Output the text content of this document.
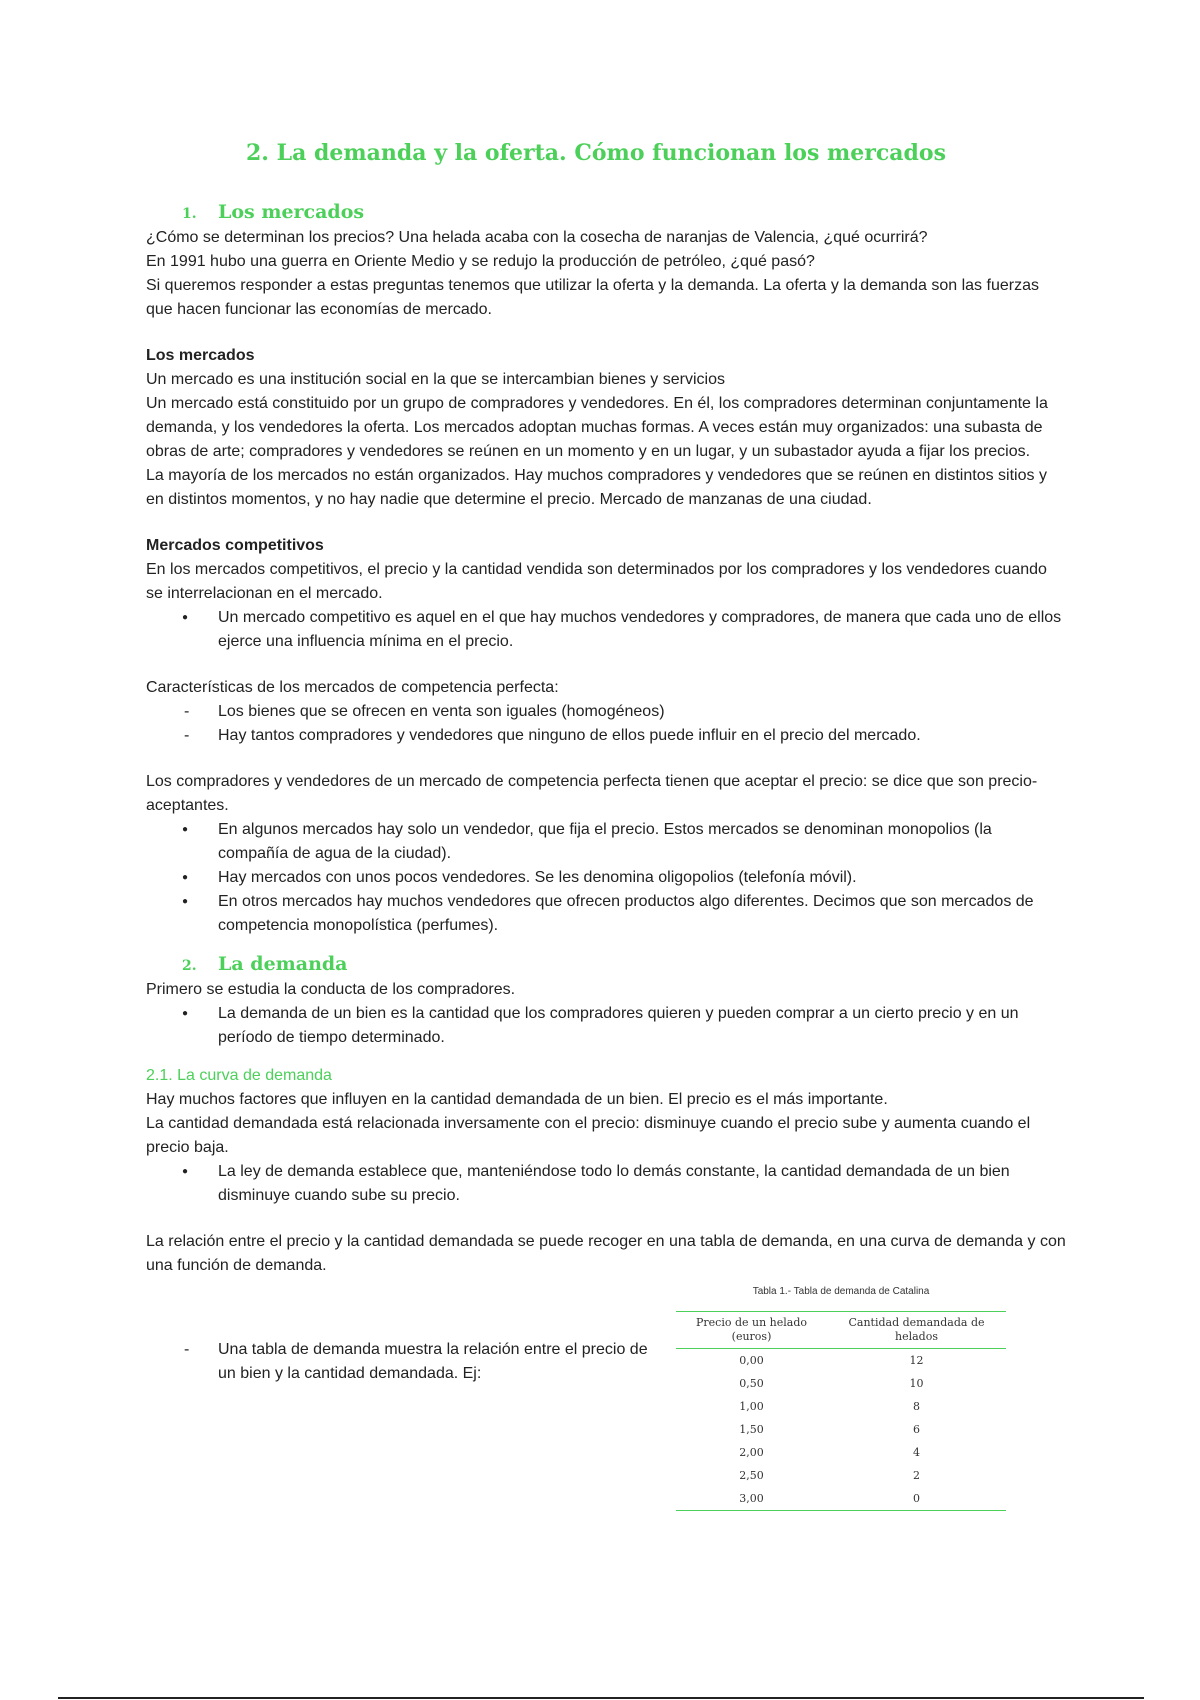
2. La demanda y la oferta. Cómo funcionan los mercados
1. Los mercados

¿Cómo se determinan los precios? Una helada acaba con la cosecha de naranjas de Valencia, ¿qué ocurrirá?

En 1991 hubo una guerra en Oriente Medio y se redujo la producción de petróleo, ¿qué pasó?

Si queremos responder a estas preguntas tenemos que utilizar la oferta y la demanda. La oferta y la demanda son las fuerzas que hacen funcionar las economías de mercado.

Los mercados

Un mercado es una institución social en la que se intercambian bienes y servicios

Un mercado está constituido por un grupo de compradores y vendedores. En él, los compradores determinan conjuntamente la demanda, y los vendedores la oferta. Los mercados adoptan muchas formas. A veces están muy organizados: una subasta de obras de arte; compradores y vendedores se reúnen en un momento y en un lugar, y un subastador ayuda a fijar los precios.

La mayoría de los mercados no están organizados. Hay muchos compradores y vendedores que se reúnen en distintos sitios y en distintos momentos, y no hay nadie que determine el precio. Mercado de manzanas de una ciudad.

Mercados competitivos

En los mercados competitivos, el precio y la cantidad vendida son determinados por los compradores y los vendedores cuando se interrelacionan en el mercado.

● Un mercado competitivo es aquel en el que hay muchos vendedores y compradores, de manera que cada uno de ellos ejerce una influencia mínima en el precio.

Características de los mercados de competencia perfecta:

- Los bienes que se ofrecen en venta son iguales (homogéneos)
- Hay tantos compradores y vendedores que ninguno de ellos puede influir en el precio del mercado.

Los compradores y vendedores de un mercado de competencia perfecta tienen que aceptar el precio: se dice que son precio-aceptantes.

● En algunos mercados hay solo un vendedor, que fija el precio. Estos mercados se denominan monopolios (la compañía de agua de la ciudad).
● Hay mercados con unos pocos vendedores. Se les denomina oligopolios (telefonía móvil).
● En otros mercados hay muchos vendedores que ofrecen productos algo diferentes. Decimos que son mercados de competencia monopolística (perfumes).
2. La demanda

Primero se estudia la conducta de los compradores.

● La demanda de un bien es la cantidad que los compradores quieren y pueden comprar a un cierto precio y en un período de tiempo determinado.

2.1. La curva de demanda

Hay muchos factores que influyen en la cantidad demandada de un bien. El precio es el más importante.

La cantidad demandada está relacionada inversamente con el precio: disminuye cuando el precio sube y aumenta cuando el precio baja.

● La ley de demanda establece que, manteniéndose todo lo demás constante, la cantidad demandada de un bien disminuye cuando sube su precio.

La relación entre el precio y la cantidad demandada se puede recoger en una tabla de demanda, en una curva de demanda y con una función de demanda.

- Una tabla de demanda muestra la relación entre el precio de un bien y la cantidad demandada. Ej:
Tabla 1.- Tabla de demanda de Catalina
Precio de un helado (euros)	Cantidad demandada de helados
0,00	12
0,50	10
1,00	8
1,50	6
2,00	4
2,50	2
3,00	0
